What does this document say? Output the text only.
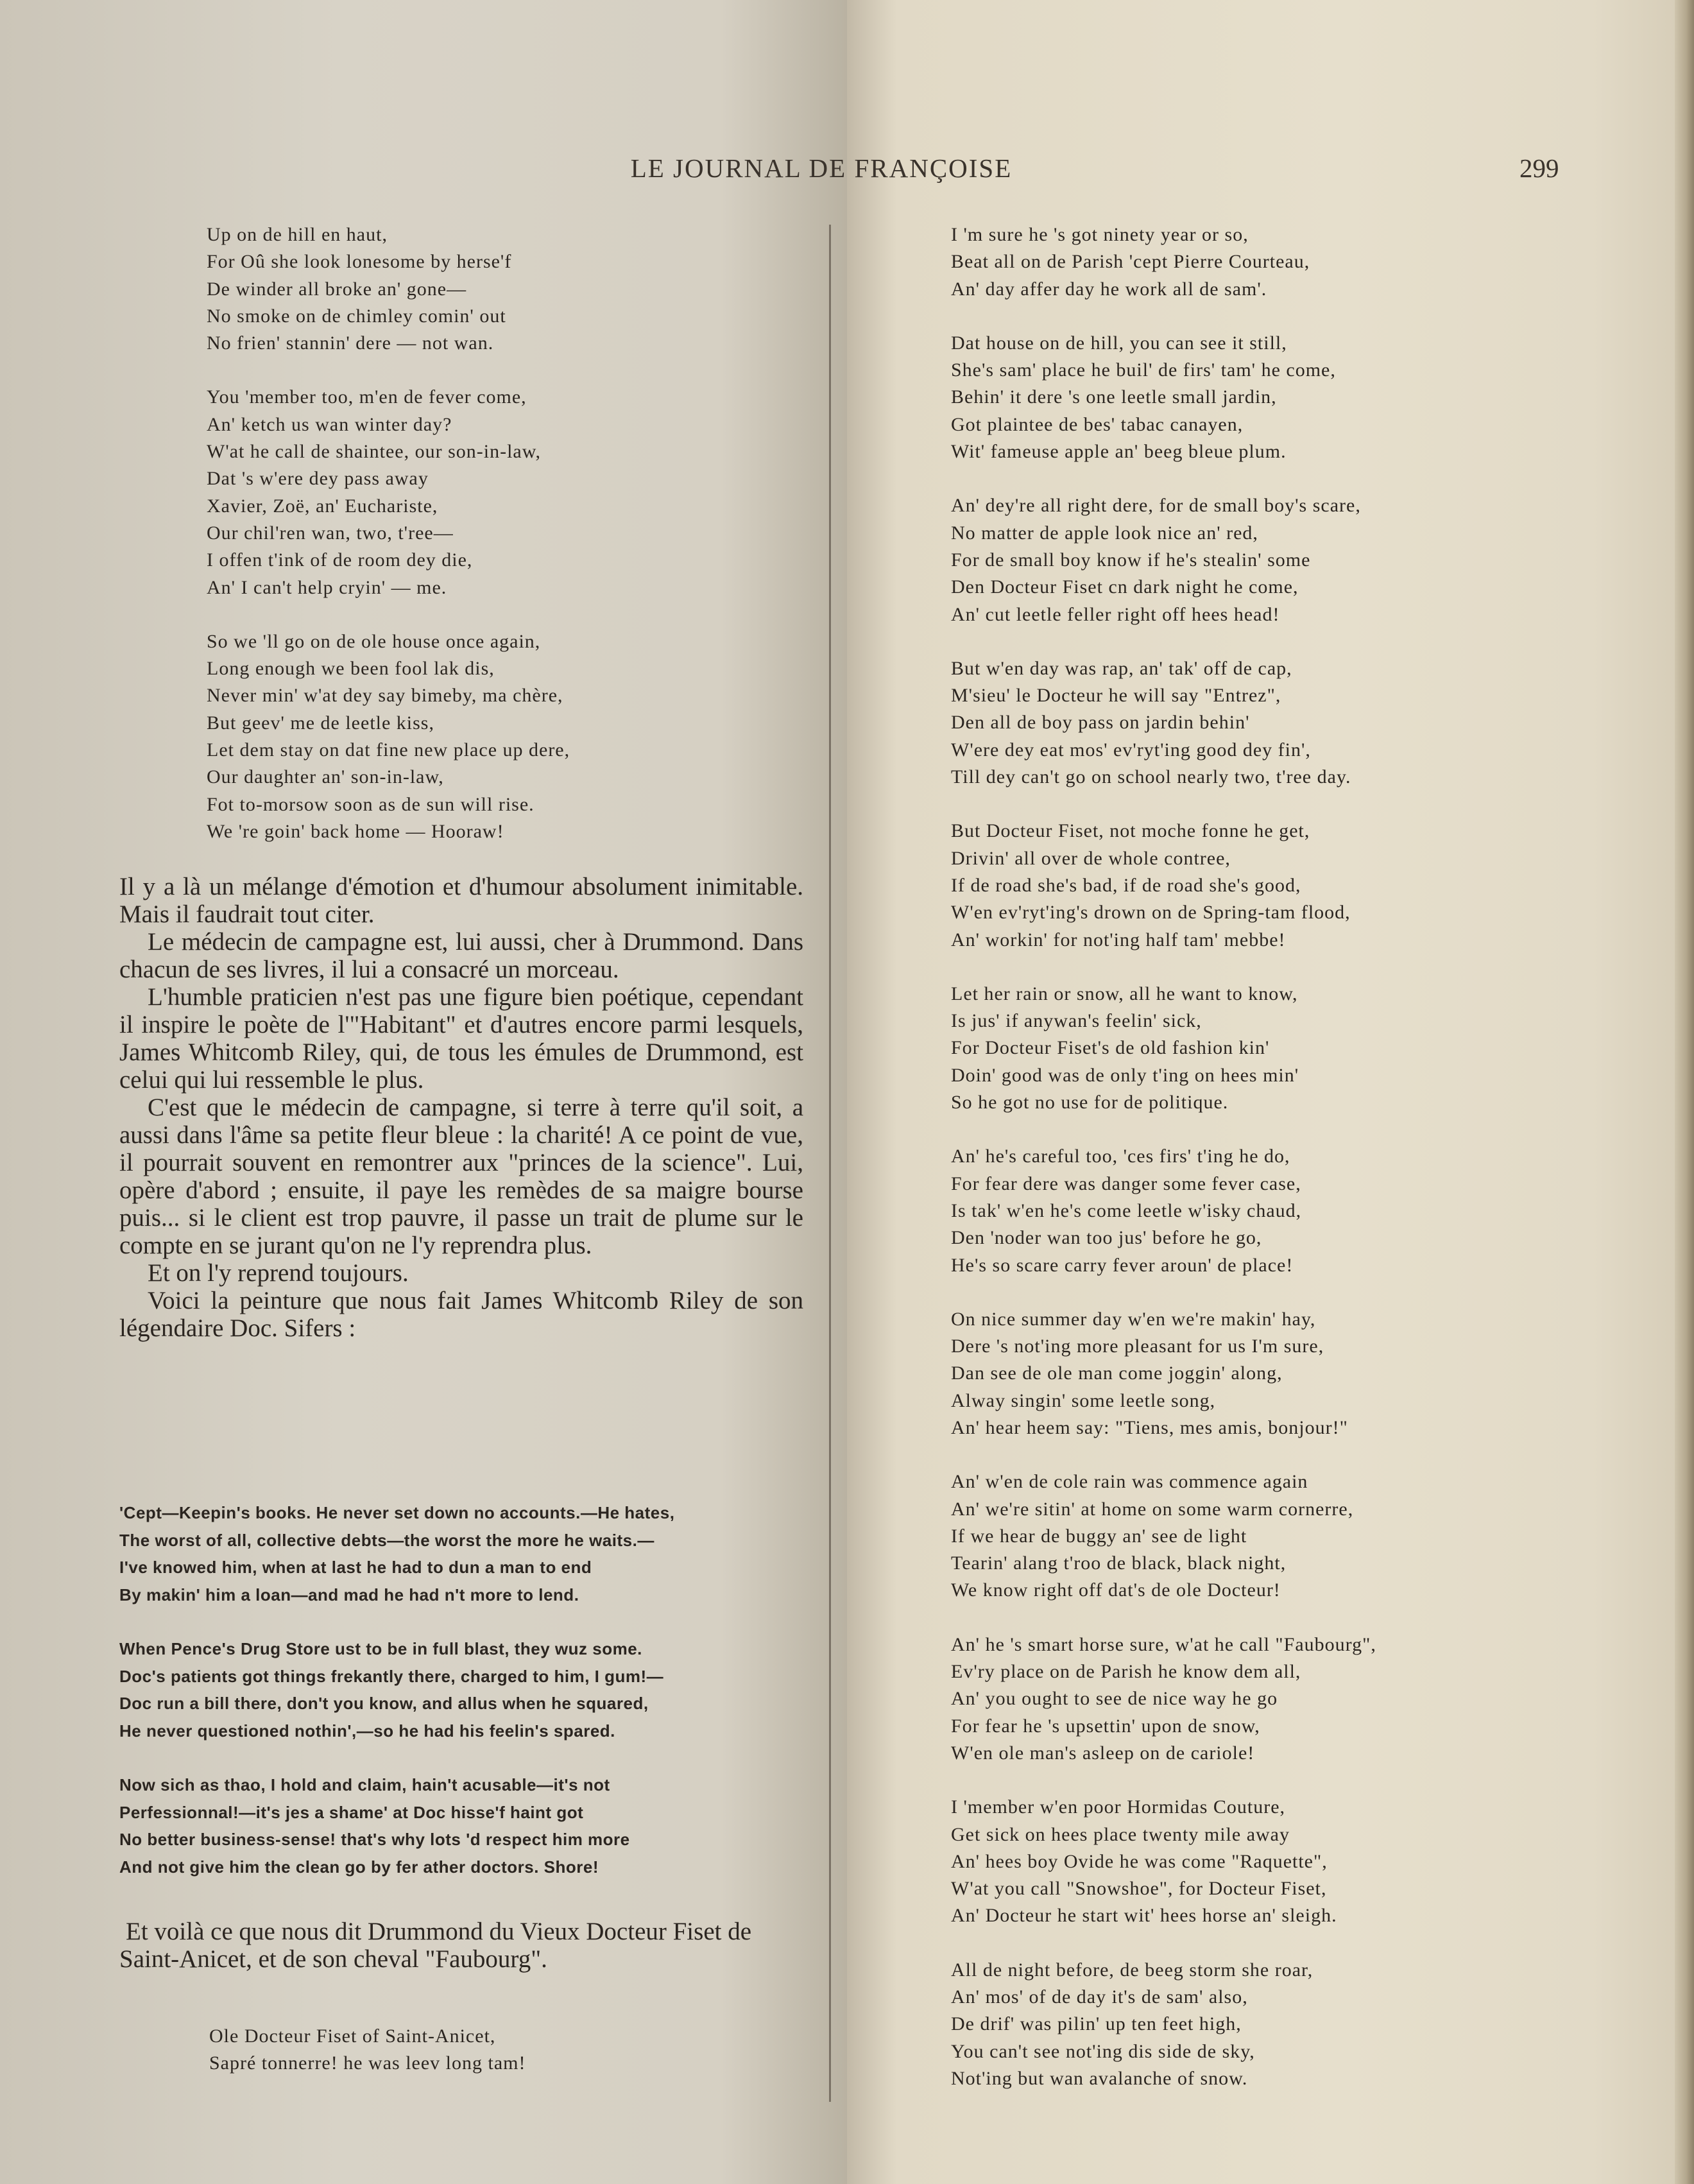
LE JOURNAL DE FRANÇOISE	299
Up on de hill en haut,
For Oû she look lonesome by herse'f
De winder all broke an' gone—
No smoke on de chimley comin' out
No frien' stannin' dere — not wan.
You 'member too, m'en de fever come,
An' ketch us wan winter day?
W'at he call de shaintee, our son-in-law,
Dat 's w'ere dey pass away
Xavier, Zoë, an' Eucharistе,
Our chil'ren wan, two, t'ree—
I offen t'ink of de room dey die,
An' I can't help cryin' — me.
So we 'll go on de ole house once again,
Long enough we been fool lak dis,
Never min' w'at dey say bimeby, ma chère,
But geev' me de leetle kiss,
Let dem stay on dat fine new place up dere,
Our daughter an' son-in-law,
Fot to-morsow soon as de sun will rise.
We 're goin' back home — Hooraw!

Il y a là un mélange d'émotion et d'humour absolument inimitable. Mais il faudrait tout citer.

Le médecin de campagne est, lui aussi, cher à Drummond. Dans chacun de ses livres, il lui a consacré un morceau.

L'humble praticien n'est pas une figure bien poétique, cependant il inspire le poète de l'"Habitant" et d'autres encore parmi lesquels, James Whitcomb Riley, qui, de tous les émules de Drummond, est celui qui lui ressemble le plus.

C'est que le médecin de campagne, si terre à terre qu'il soit, a aussi dans l'âme sa petite fleur bleue : la charité! A ce point de vue, il pourrait souvent en remontrer aux "princes de la science". Lui, opère d'abord ; ensuite, il paye les remèdes de sa maigre bourse puis... si le client est trop pauvre, il passe un trait de plume sur le compte en se jurant qu'on ne l'y reprendra plus.

Et on l'y reprend toujours.

Voici la peinture que nous fait James Whitcomb Riley de son légendaire Doc. Sifers :

'Cept—Keepin's books. He never set down no accounts.—He hates,
The worst of all, collective debts—the worst the more he waits.—
I've knowed him, when at last he had to dun a man to end
By makin' him a loan—and mad he had n't more to lend.
When Pence's Drug Store ust to be in full blast, they wuz some.
Doc's patients got things frekantly there, charged to him, I gum!—
Doc run a bill there, don't you know, and allus when he squared,
He never questioned nothin',—so he had his feelin's spared.
Now sich as thao, I hold and claim, hain't acusable—it's not
Perfessionnal!—it's jes a shame' at Doc hisse'f haint got
No better business-sense! that's why lots 'd respect him more
And not give him the clean go by fer ather doctors. Shore!
Et voilà ce que nous dit Drummond du Vieux Docteur Fiset de Saint-Anicet, et de son cheval "Faubourg".
Ole Docteur Fiset of Saint-Anicet,
Sapré tonnerre! he was leev long tam!
I 'm sure he 's got ninety year or so,
Beat all on de Parish 'cept Pierre Courteau,
An' day affer day he work all de sam'.
Dat house on de hill, you can see it still,
She's sam' place he buil' de firs' tam' he come,
Behin' it dere 's one leetle small jardin,
Got plaintee de bes' tabac canayen,
Wit' fameuse apple an' beeg bleue plum.
An' dey're all right dere, for de small boy's scare,
No matter de apple look nice an' red,
For de small boy know if he's stealin' some
Den Docteur Fiset cn dark night he come,
An' cut leetle feller right off hees head!
But w'en day was rap, an' tak' off de cap,
M'sieu' le Docteur he will say "Entrez",
Den all de boy pass on jardin behin'
W'ere dey eat mos' ev'ryt'ing good dey fin',
Till dey can't go on school nearly two, t'ree day.
But Docteur Fiset, not moche fonne he get,
Drivin' all over de whole contree,
If de road she's bad, if de road she's good,
W'en ev'ryt'ing's drown on de Spring-tam flood,
An' workin' for not'ing half tam' mebbe!
Let her rain or snow, all he want to know,
Is jus' if anywan's feelin' sick,
For Docteur Fiset's de old fashion kin'
Doin' good was de only t'ing on hees min'
So he got no use for de politique.
An' he's careful too, 'ces firs' t'ing he do,
For fear dere was danger some fever case,
Is tak' w'en he's come leetle w'isky chaud,
Den 'noder wan too jus' before he go,
He's so scare carry fever aroun' de place!
On nice summer day w'en we're makin' hay,
Dere 's not'ing more pleasant for us I'm sure,
Dan see de ole man come joggin' along,
Alway singin' some leetle song,
An' hear heem say: "Tiens, mes amis, bonjour!"
An' w'en de cole rain was commence again
An' we're sitin' at home on some warm cornerre,
If we hear de buggy an' see de light
Tearin' alang t'roo de black, black night,
We know right off dat's de ole Docteur!
An' he 's smart horse sure, w'at he call "Faubourg",
Ev'ry place on de Parish he know dem all,
An' you ought to see de nice way he go
For fear he 's upsettin' upon de snow,
W'en ole man's asleep on de cariole!
I 'member w'en poor Hormidas Couture,
Get sick on hees place twenty mile away
An' hees boy Ovide he was come "Raquette",
W'at you call "Snowshoe", for Docteur Fiset,
An' Docteur he start wit' hees horse an' sleigh.
All de night before, de beeg storm she roar,
An' mos' of de day it's de sam' also,
De drif' was pilin' up ten feet high,
You can't see not'ing dis side de sky,
Not'ing but wan avalanche of snow.
